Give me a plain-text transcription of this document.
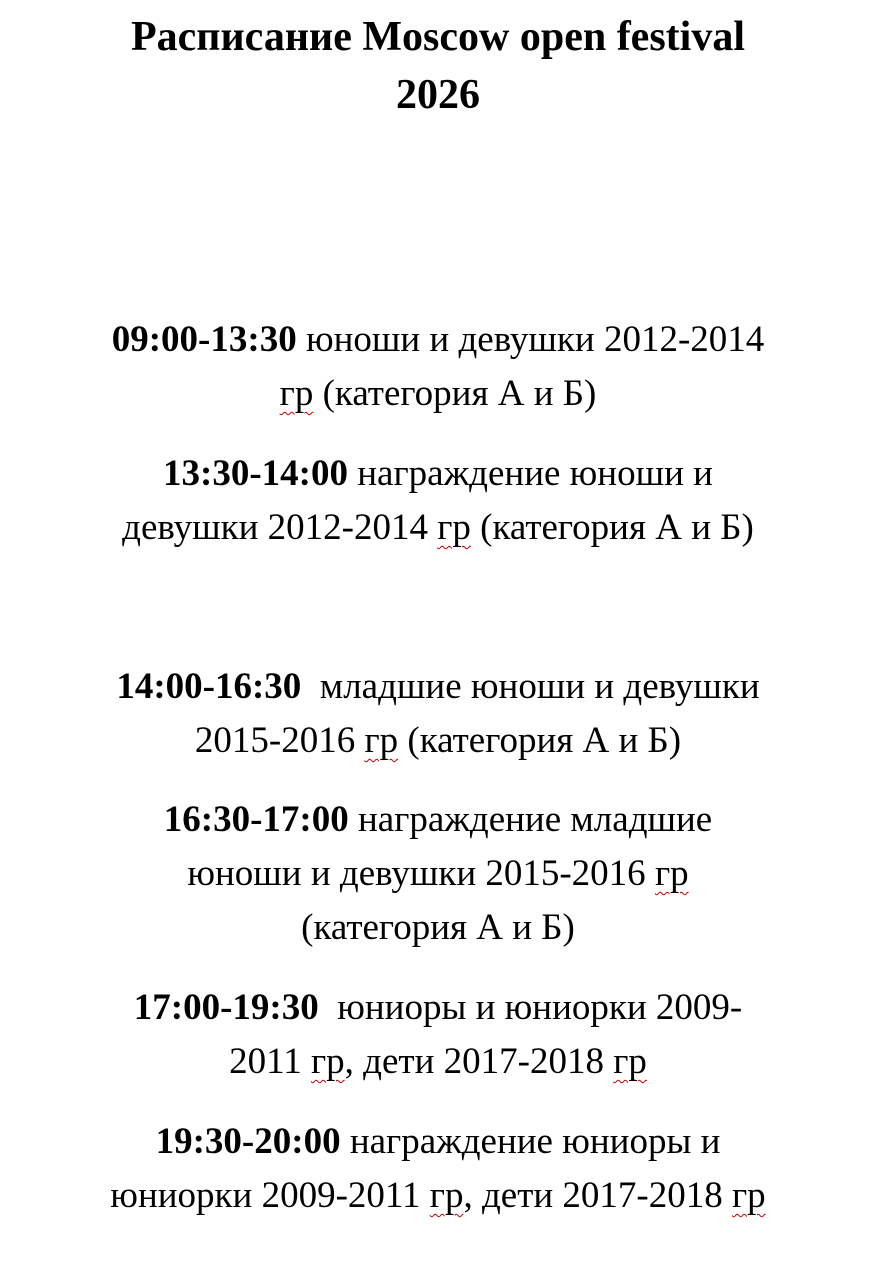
Расписание Moscow open festival
2026
09:00-13:30 юноши и девушки 2012-2014
гр (категория А и Б)
13:30-14:00 награждение юноши и
девушки 2012-2014 гр (категория А и Б)
14:00-16:30  младшие юноши и девушки
2015-2016 гр (категория А и Б)
16:30-17:00 награждение младшие
юноши и девушки 2015-2016 гр
(категория А и Б)
17:00-19:30  юниоры и юниорки 2009-
2011 гр, дети 2017-2018 гр
19:30-20:00 награждение юниоры и
юниорки 2009-2011 гр, дети 2017-2018 гр
